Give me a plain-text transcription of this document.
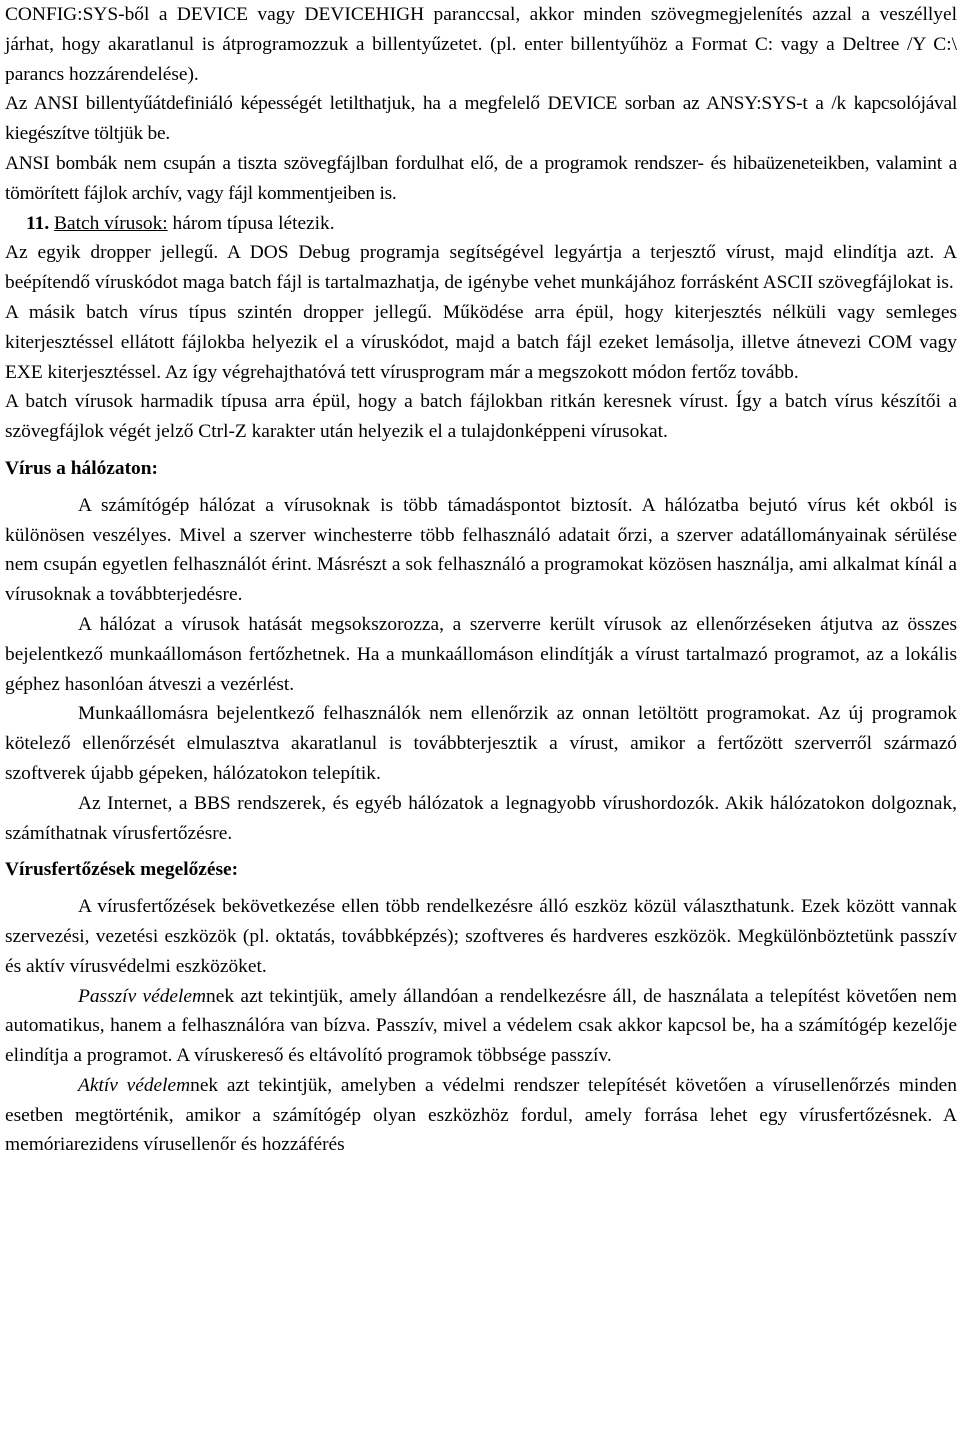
CONFIG:SYS-ből a DEVICE vagy DEVICEHIGH paranccsal, akkor minden szövegmegjelenítés azzal a veszéllyel járhat, hogy akaratlanul is átprogramozzuk a billentyűzetet. (pl. enter billentyűhöz a Format C: vagy a Deltree /Y C:\ parancs hozzárendelése).

Az ANSI billentyűátdefiniáló képességét letilthatjuk, ha a megfelelő DEVICE sorban az ANSY:SYS-t a /k kapcsolójával kiegészítve töltjük be.

ANSI bombák nem csupán a tiszta szövegfájlban fordulhat elő, de a programok rendszer- és hibaüzeneteikben, valamint a tömörített fájlok archív, vagy fájl kommentjeiben is.

11. Batch vírusok: három típusa létezik.

Az egyik dropper jellegű. A DOS Debug programja segítségével legyártja a terjesztő vírust, majd elindítja azt. A beépítendő víruskódot maga batch fájl is tartalmazhatja, de igénybe vehet munkájához forrásként ASCII szövegfájlokat is.

A másik batch vírus típus szintén dropper jellegű. Működése arra épül, hogy kiterjesztés nélküli vagy semleges kiterjesztéssel ellátott fájlokba helyezik el a víruskódot, majd a batch fájl ezeket lemásolja, illetve átnevezi COM vagy EXE kiterjesztéssel. Az így végrehajthatóvá tett vírusprogram már a megszokott módon fertőz tovább.

A batch vírusok harmadik típusa arra épül, hogy a batch fájlokban ritkán keresnek vírust. Így a batch vírus készítői a szövegfájlok végét jelző Ctrl-Z karakter után helyezik el a tulajdonképpeni vírusokat.

Vírus a hálózaton:

A számítógép hálózat a vírusoknak is több támadáspontot biztosít. A hálózatba bejutó vírus két okból is különösen veszélyes. Mivel a szerver winchesterre több felhasználó adatait őrzi, a szerver adatállományainak sérülése nem csupán egyetlen felhasználót érint. Másrészt a sok felhasználó a programokat közösen használja, ami alkalmat kínál a vírusoknak a továbbterjedésre.

A hálózat a vírusok hatását megsokszorozza, a szerverre került vírusok az ellenőrzéseken átjutva az összes bejelentkező munkaállomáson fertőzhetnek. Ha a munkaállomáson elindítják a vírust tartalmazó programot, az a lokális géphez hasonlóan átveszi a vezérlést.

Munkaállomásra bejelentkező felhasználók nem ellenőrzik az onnan letöltött programokat. Az új programok kötelező ellenőrzését elmulasztva akaratlanul is továbbterjesztik a vírust, amikor a fertőzött szerverről származó szoftverek újabb gépeken, hálózatokon telepítik.

Az Internet, a BBS rendszerek, és egyéb hálózatok a legnagyobb vírushordozók. Akik hálózatokon dolgoznak, számíthatnak vírusfertőzésre.

Vírusfertőzések megelőzése:

A vírusfertőzések bekövetkezése ellen több rendelkezésre álló eszköz közül választhatunk. Ezek között vannak szervezési, vezetési eszközök (pl. oktatás, továbbképzés); szoftveres és hardveres eszközök. Megkülönböztetünk passzív és aktív vírusvédelmi eszközöket.

Passzív védelemnek azt tekintjük, amely állandóan a rendelkezésre áll, de használata a telepítést követően nem automatikus, hanem a felhasználóra van bízva. Passzív, mivel a védelem csak akkor kapcsol be, ha a számítógép kezelője elindítja a programot. A víruskereső és eltávolító programok többsége passzív.

Aktív védelemnek azt tekintjük, amelyben a védelmi rendszer telepítését követően a vírusellenőrzés minden esetben megtörténik, amikor a számítógép olyan eszközhöz fordul, amely forrása lehet egy vírusfertőzésnek. A memóriarezidens vírusellenőr és hozzáférés
